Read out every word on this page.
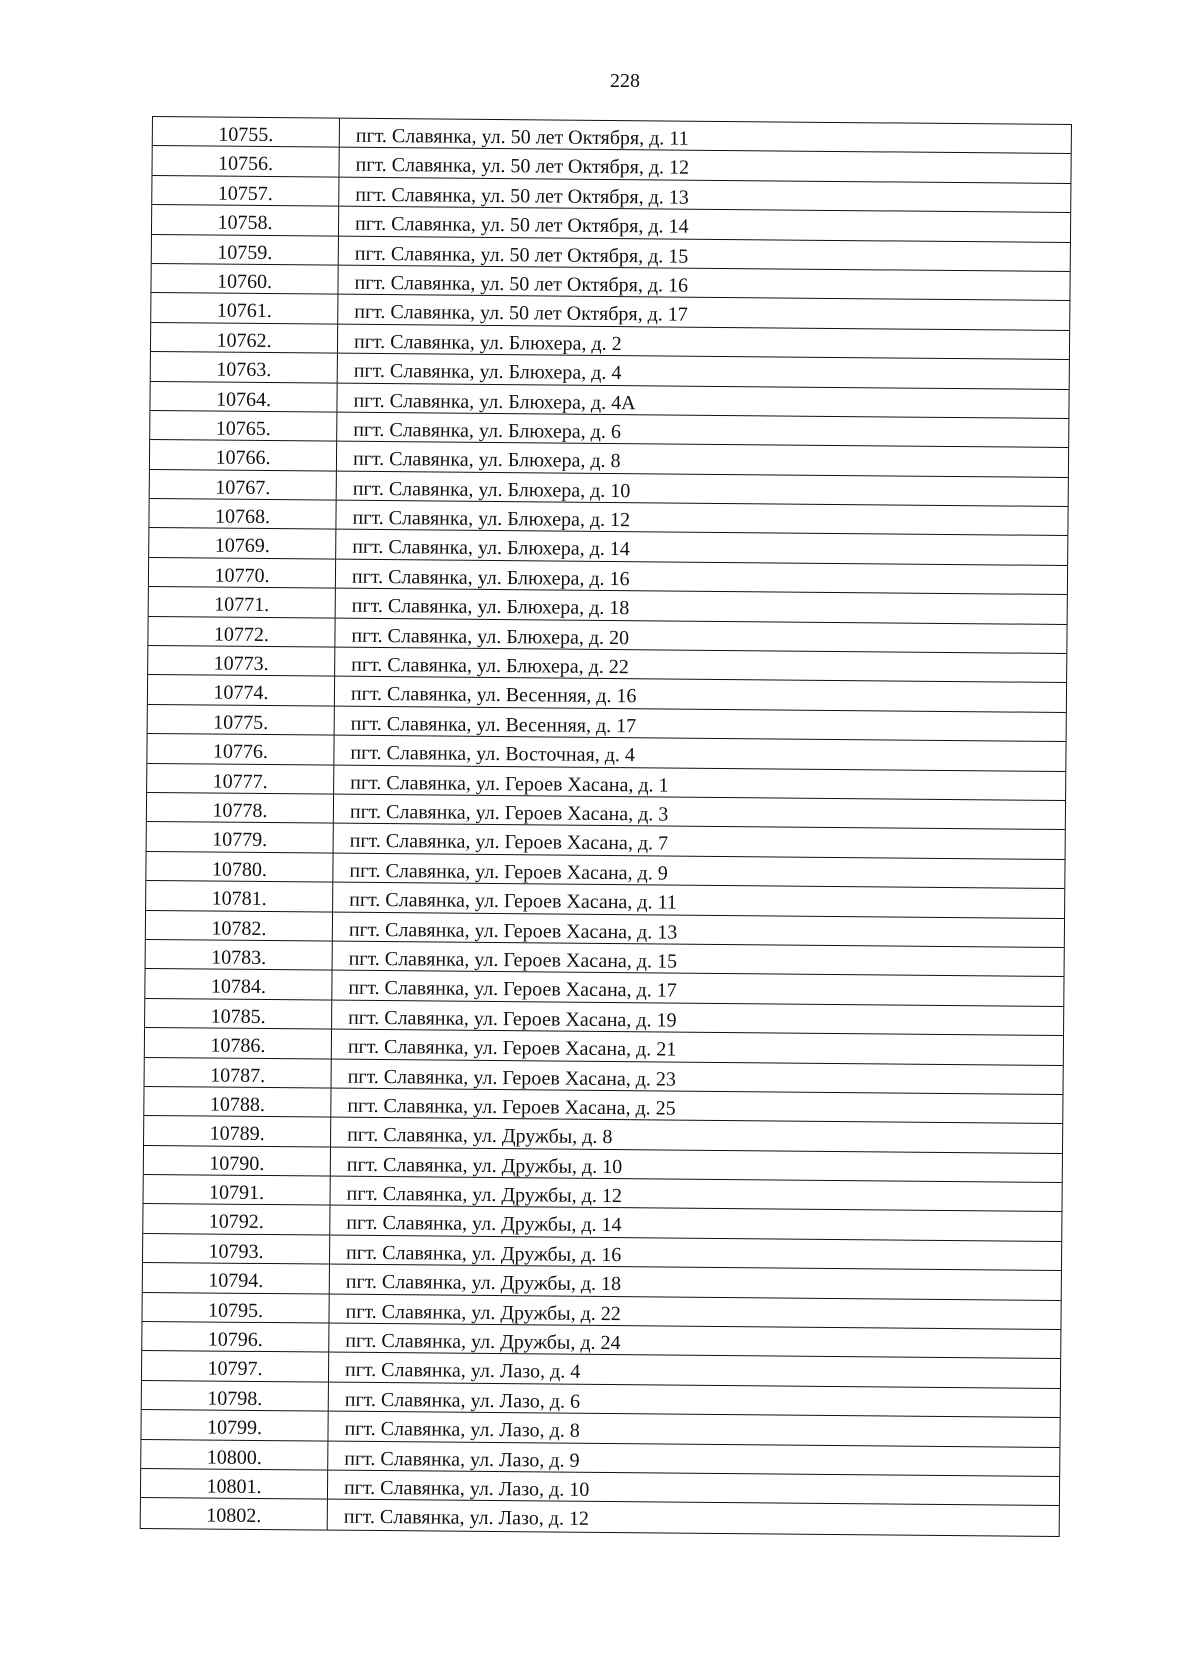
228
10755.	пгт. Славянка, ул. 50 лет Октября, д. 11
10756.	пгт. Славянка, ул. 50 лет Октября, д. 12
10757.	пгт. Славянка, ул. 50 лет Октября, д. 13
10758.	пгт. Славянка, ул. 50 лет Октября, д. 14
10759.	пгт. Славянка, ул. 50 лет Октября, д. 15
10760.	пгт. Славянка, ул. 50 лет Октября, д. 16
10761.	пгт. Славянка, ул. 50 лет Октября, д. 17
10762.	пгт. Славянка, ул. Блюхера, д. 2
10763.	пгт. Славянка, ул. Блюхера, д. 4
10764.	пгт. Славянка, ул. Блюхера, д. 4А
10765.	пгт. Славянка, ул. Блюхера, д. 6
10766.	пгт. Славянка, ул. Блюхера, д. 8
10767.	пгт. Славянка, ул. Блюхера, д. 10
10768.	пгт. Славянка, ул. Блюхера, д. 12
10769.	пгт. Славянка, ул. Блюхера, д. 14
10770.	пгт. Славянка, ул. Блюхера, д. 16
10771.	пгт. Славянка, ул. Блюхера, д. 18
10772.	пгт. Славянка, ул. Блюхера, д. 20
10773.	пгт. Славянка, ул. Блюхера, д. 22
10774.	пгт. Славянка, ул. Весенняя, д. 16
10775.	пгт. Славянка, ул. Весенняя, д. 17
10776.	пгт. Славянка, ул. Восточная, д. 4
10777.	пгт. Славянка, ул. Героев Хасана, д. 1
10778.	пгт. Славянка, ул. Героев Хасана, д. 3
10779.	пгт. Славянка, ул. Героев Хасана, д. 7
10780.	пгт. Славянка, ул. Героев Хасана, д. 9
10781.	пгт. Славянка, ул. Героев Хасана, д. 11
10782.	пгт. Славянка, ул. Героев Хасана, д. 13
10783.	пгт. Славянка, ул. Героев Хасана, д. 15
10784.	пгт. Славянка, ул. Героев Хасана, д. 17
10785.	пгт. Славянка, ул. Героев Хасана, д. 19
10786.	пгт. Славянка, ул. Героев Хасана, д. 21
10787.	пгт. Славянка, ул. Героев Хасана, д. 23
10788.	пгт. Славянка, ул. Героев Хасана, д. 25
10789.	пгт. Славянка, ул. Дружбы, д. 8
10790.	пгт. Славянка, ул. Дружбы, д. 10
10791.	пгт. Славянка, ул. Дружбы, д. 12
10792.	пгт. Славянка, ул. Дружбы, д. 14
10793.	пгт. Славянка, ул. Дружбы, д. 16
10794.	пгт. Славянка, ул. Дружбы, д. 18
10795.	пгт. Славянка, ул. Дружбы, д. 22
10796.	пгт. Славянка, ул. Дружбы, д. 24
10797.	пгт. Славянка, ул. Лазо, д. 4
10798.	пгт. Славянка, ул. Лазо, д. 6
10799.	пгт. Славянка, ул. Лазо, д. 8
10800.	пгт. Славянка, ул. Лазо, д. 9
10801.	пгт. Славянка, ул. Лазо, д. 10
10802.	пгт. Славянка, ул. Лазо, д. 12
